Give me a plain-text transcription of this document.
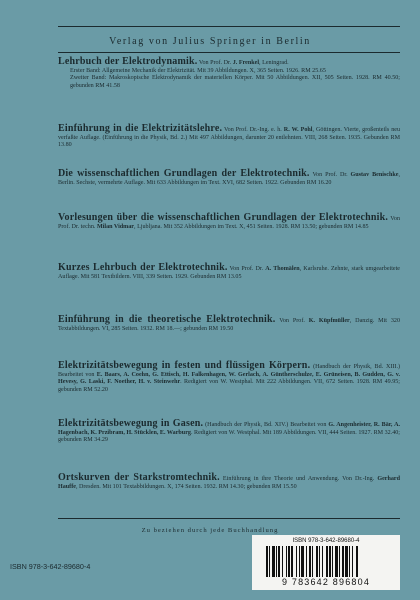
Verlag von Julius Springer in Berlin
Lehrbuch der Elektrodynamik. Von Prof. Dr. J. Frenkel, Leningrad.
Erster Band: Allgemeine Mechanik der Elektrizität. Mit 39 Abbildungen. X, 365 Seiten. 1926. RM 25.65
Zweiter Band: Makroskopische Elektrodynamik der materiellen Körper. Mit 50 Abbildungen. XII, 505 Seiten. 1928. RM 40.50; gebunden RM 41.58
Einführung in die Elektrizitätslehre. Von Prof. Dr.-Ing. e. h. R. W. Pohl, Göttingen. Vierte, großenteils neu verfaßte Auflage. (Einführung in die Physik, Bd. 2.) Mit 497 Abbildungen, darunter 20 entlehnten. VIII, 268 Seiten. 1935. Gebunden RM 13.80
Die wissenschaftlichen Grundlagen der Elektrotechnik. Von Prof. Dr. Gustav Benischke, Berlin. Sechste, vermehrte Auflage. Mit 633 Abbildungen im Text. XVI, 682 Seiten. 1922. Gebunden RM 16.20
Vorlesungen über die wissenschaftlichen Grundlagen der Elektrotechnik. Von Prof. Dr. techn. Milan Vidmar, Ljubljana. Mit 352 Abbildungen im Text. X, 451 Seiten. 1928. RM 13.50; gebunden RM 14.85
Kurzes Lehrbuch der Elektrotechnik. Von Prof. Dr. A. Thomälen, Karlsruhe. Zehnte, stark umgearbeitete Auflage. Mit 581 Textbildern. VIII, 339 Seiten. 1929. Gebunden RM 13.05
Einführung in die theoretische Elektrotechnik. Von Prof. K. Küpfmüller, Danzig. Mit 320 Textabbildungen. VI, 285 Seiten. 1932. RM 18.—; gebunden RM 19.50
Elektrizitätsbewegung in festen und flüssigen Körpern. (Handbuch der Physik, Bd. XIII.) Bearbeitet von E. Baars, A. Coehn, G. Ettisch, H. Falkenhagen, W. Gerlach, A. Güntherschulze, E. Grüneisen, B. Gudden, G. v. Hevesy, G. Laski, F. Noether, H. v. Steinwehr. Redigiert von W. Westphal. Mit 222 Abbildungen. VII, 672 Seiten. 1928. RM 49.95; gebunden RM 52.20
Elektrizitätsbewegung in Gasen. (Handbuch der Physik, Bd. XIV.) Bearbeitet von G. Angenheister, R. Bär, A. Hagenbach, K. Przibram, H. Stücklen, E. Warburg. Redigiert von W. Westphal. Mit 189 Abbildungen. VII, 444 Seiten. 1927. RM 32.40; gebunden RM 34.29
Ortskurven der Starkstromtechnik. Einführung in ihre Theorie und Anwendung. Von Dr.-Ing. Gerhard Hauffe, Dresden. Mit 101 Textabbildungen. X, 174 Seiten. 1932. RM 14.30; gebunden RM 15.50
Zu beziehen durch jede Buchhandlung
ISBN 978-3-642-89680-4
ISBN 978-3-642-89680-4
9 783642 896804
